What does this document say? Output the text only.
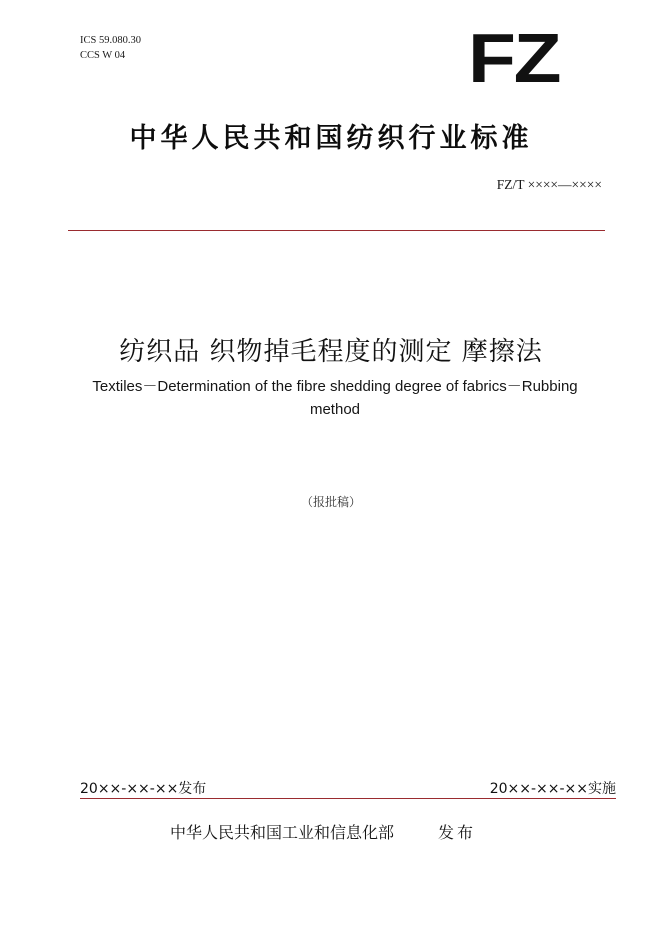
ICS 59.080.30
CCS W 04	FZ
中华人民共和国纺织行业标准
FZ/T ××××—××××
纺织品 织物掉毛程度的测定 摩擦法
Textiles－Determination of the fibre shedding degree of fabrics－Rubbing method
（报批稿）
20××-××-××发布	20××-××-××实施
中华人民共和国工业和信息化部	发布
